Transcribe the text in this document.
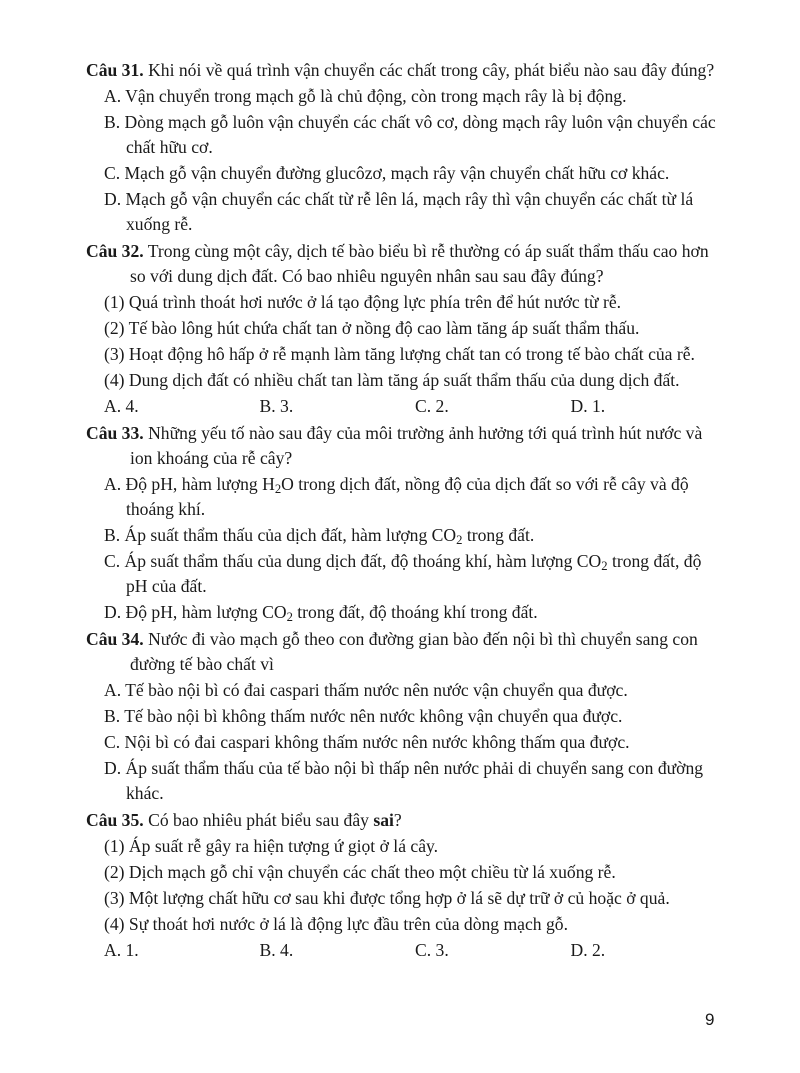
Câu 31. Khi nói về quá trình vận chuyển các chất trong cây, phát biểu nào sau đây đúng?

A. Vận chuyển trong mạch gỗ là chủ động, còn trong mạch rây là bị động.

B. Dòng mạch gỗ luôn vận chuyển các chất vô cơ, dòng mạch rây luôn vận chuyển các chất hữu cơ.

C. Mạch gỗ vận chuyển đường glucôzơ, mạch rây vận chuyển chất hữu cơ khác.

D. Mạch gỗ vận chuyển các chất từ rễ lên lá, mạch rây thì vận chuyển các chất từ lá xuống rễ.

Câu 32. Trong cùng một cây, dịch tế bào biểu bì rễ thường có áp suất thẩm thấu cao hơn so với dung dịch đất. Có bao nhiêu nguyên nhân sau sau đây đúng?

(1) Quá trình thoát hơi nước ở lá tạo động lực phía trên để hút nước từ rễ.

(2) Tế bào lông hút chứa chất tan ở nồng độ cao làm tăng áp suất thẩm thấu.

(3) Hoạt động hô hấp ở rễ mạnh làm tăng lượng chất tan có trong tế bào chất của rễ.

(4) Dung dịch đất có nhiều chất tan làm tăng áp suất thẩm thấu của dung dịch đất.

A. 4.	B. 3.	C. 2.	D. 1.

Câu 33. Những yếu tố nào sau đây của môi trường ảnh hưởng tới quá trình hút nước và ion khoáng của rễ cây?

A. Độ pH, hàm lượng $H_2O$ trong dịch đất, nồng độ của dịch đất so với rễ cây và độ thoáng khí.

B. Áp suất thẩm thấu của dịch đất, hàm lượng $CO_2$ trong đất.

C. Áp suất thẩm thấu của dung dịch đất, độ thoáng khí, hàm lượng $CO_2$ trong đất, độ pH của đất.

D. Độ pH, hàm lượng $CO_2$ trong đất, độ thoáng khí trong đất.

Câu 34. Nước đi vào mạch gỗ theo con đường gian bào đến nội bì thì chuyển sang con đường tế bào chất vì

A. Tế bào nội bì có đai caspari thấm nước nên nước vận chuyển qua được.

B. Tế bào nội bì không thấm nước nên nước không vận chuyển qua được.

C. Nội bì có đai caspari không thấm nước nên nước không thấm qua được.

D. Áp suất thẩm thấu của tế bào nội bì thấp nên nước phải di chuyển sang con đường khác.

Câu 35. Có bao nhiêu phát biểu sau đây sai?

(1) Áp suất rễ gây ra hiện tượng ứ giọt ở lá cây.

(2) Dịch mạch gỗ chỉ vận chuyển các chất theo một chiều từ lá xuống rễ.

(3) Một lượng chất hữu cơ sau khi được tổng hợp ở lá sẽ dự trữ ở củ hoặc ở quả.

(4) Sự thoát hơi nước ở lá là động lực đầu trên của dòng mạch gỗ.

A. 1.	B. 4.	C. 3.	D. 2.
9
